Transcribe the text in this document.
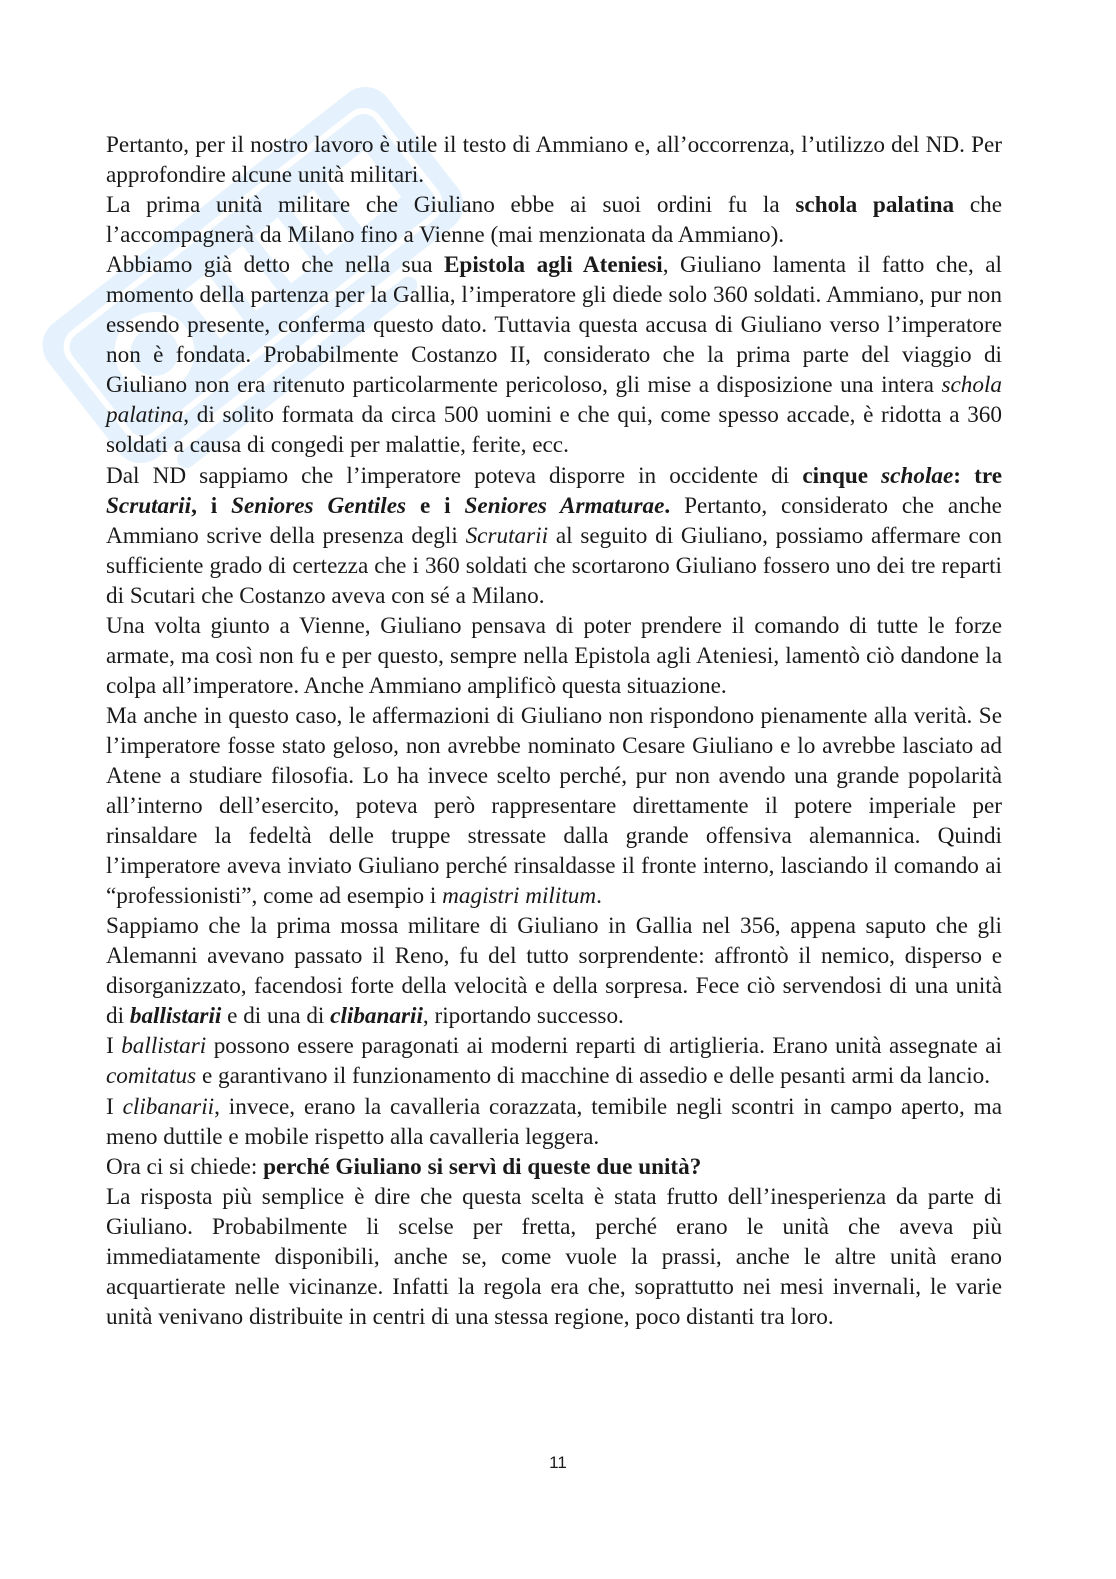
Pertanto, per il nostro lavoro è utile il testo di Ammiano e, all’occorrenza, l’utilizzo del ND. Per approfondire alcune unità militari.

La prima unità militare che Giuliano ebbe ai suoi ordini fu la schola palatina che l’accompagnerà da Milano fino a Vienne (mai menzionata da Ammiano).

Abbiamo già detto che nella sua Epistola agli Ateniesi, Giuliano lamenta il fatto che, al momento della partenza per la Gallia, l’imperatore gli diede solo 360 soldati. Ammiano, pur non essendo presente, conferma questo dato. Tuttavia questa accusa di Giuliano verso l’imperatore non è fondata. Probabilmente Costanzo II, considerato che la prima parte del viaggio di Giuliano non era ritenuto particolarmente pericoloso, gli mise a disposizione una intera schola palatina, di solito formata da circa 500 uomini e che qui, come spesso accade, è ridotta a 360 soldati a causa di congedi per malattie, ferite, ecc.

Dal ND sappiamo che l’imperatore poteva disporre in occidente di cinque scholae: tre Scrutarii, i Seniores Gentiles e i Seniores Armaturae. Pertanto, considerato che anche Ammiano scrive della presenza degli Scrutarii al seguito di Giuliano, possiamo affermare con sufficiente grado di certezza che i 360 soldati che scortarono Giuliano fossero uno dei tre reparti di Scutari che Costanzo aveva con sé a Milano.

Una volta giunto a Vienne, Giuliano pensava di poter prendere il comando di tutte le forze armate, ma così non fu e per questo, sempre nella Epistola agli Ateniesi, lamentò ciò dandone la colpa all’imperatore. Anche Ammiano amplificò questa situazione.

Ma anche in questo caso, le affermazioni di Giuliano non rispondono pienamente alla verità. Se l’imperatore fosse stato geloso, non avrebbe nominato Cesare Giuliano e lo avrebbe lasciato ad Atene a studiare filosofia. Lo ha invece scelto perché, pur non avendo una grande popolarità all’interno dell’esercito, poteva però rappresentare direttamente il potere imperiale per rinsaldare la fedeltà delle truppe stressate dalla grande offensiva alemannica. Quindi l’imperatore aveva inviato Giuliano perché rinsaldasse il fronte interno, lasciando il comando ai “professionisti”, come ad esempio i magistri militum.

Sappiamo che la prima mossa militare di Giuliano in Gallia nel 356, appena saputo che gli Alemanni avevano passato il Reno, fu del tutto sorprendente: affrontò il nemico, disperso e disorganizzato, facendosi forte della velocità e della sorpresa. Fece ciò servendosi di una unità di ballistarii e di una di clibanarii, riportando successo.

I ballistari possono essere paragonati ai moderni reparti di artiglieria. Erano unità assegnate ai comitatus e garantivano il funzionamento di macchine di assedio e delle pesanti armi da lancio.

I clibanarii, invece, erano la cavalleria corazzata, temibile negli scontri in campo aperto, ma meno duttile e mobile rispetto alla cavalleria leggera.

Ora ci si chiede: perché Giuliano si servì di queste due unità?

La risposta più semplice è dire che questa scelta è stata frutto dell’inesperienza da parte di Giuliano. Probabilmente li scelse per fretta, perché erano le unità che aveva più immediatamente disponibili, anche se, come vuole la prassi, anche le altre unità erano acquartierate nelle vicinanze. Infatti la regola era che, soprattutto nei mesi invernali, le varie unità venivano distribuite in centri di una stessa regione, poco distanti tra loro.

11
